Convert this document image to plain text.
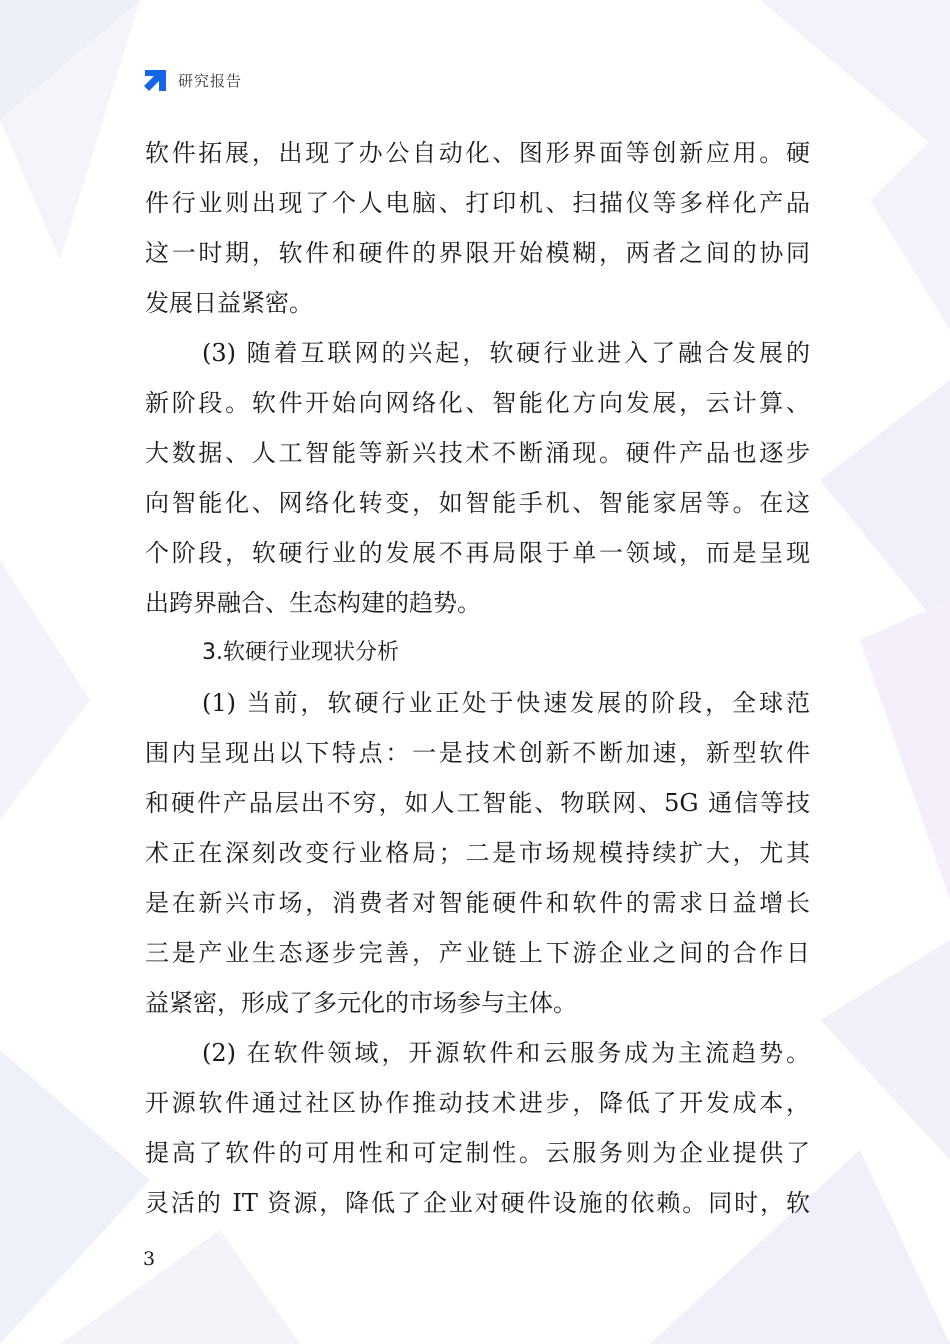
研究报告
软件拓展，出现了办公自动化、图形界面等创新应用。硬
件行业则出现了个人电脑、打印机、扫描仪等多样化产品
这一时期，软件和硬件的界限开始模糊，两者之间的协同
发展日益紧密。
(3) 随着互联网的兴起，软硬行业进入了融合发展的
新阶段。软件开始向网络化、智能化方向发展，云计算、
大数据、人工智能等新兴技术不断涌现。硬件产品也逐步
向智能化、网络化转变，如智能手机、智能家居等。在这
个阶段，软硬行业的发展不再局限于单一领域，而是呈现
出跨界融合、生态构建的趋势。
3.软硬行业现状分析
(1) 当前，软硬行业正处于快速发展的阶段，全球范
围内呈现出以下特点：一是技术创新不断加速，新型软件
和硬件产品层出不穷，如人工智能、物联网、5G 通信等技
术正在深刻改变行业格局；二是市场规模持续扩大，尤其
是在新兴市场，消费者对智能硬件和软件的需求日益增长
三是产业生态逐步完善，产业链上下游企业之间的合作日
益紧密，形成了多元化的市场参与主体。
(2) 在软件领域，开源软件和云服务成为主流趋势。
开源软件通过社区协作推动技术进步，降低了开发成本，
提高了软件的可用性和可定制性。云服务则为企业提供了
灵活的 IT 资源，降低了企业对硬件设施的依赖。同时，软
3
